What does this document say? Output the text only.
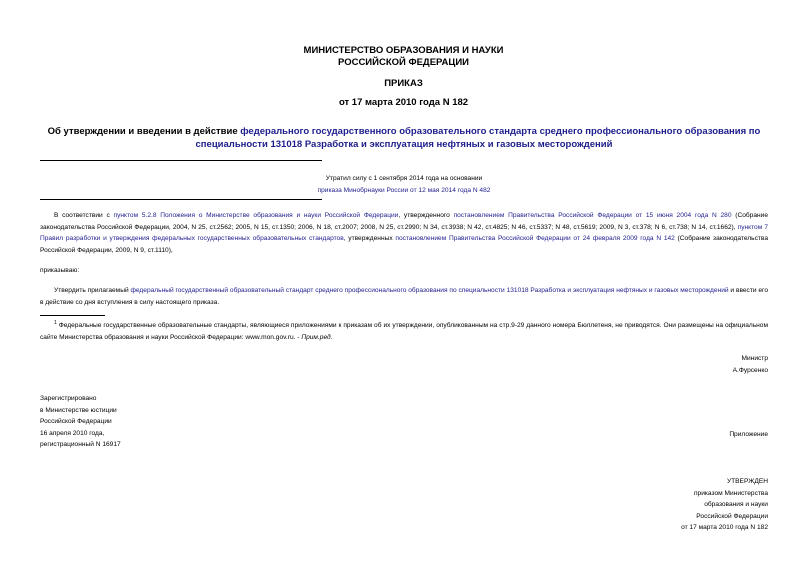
МИНИСТЕРСТВО ОБРАЗОВАНИЯ И НАУКИ
РОССИЙСКОЙ ФЕДЕРАЦИИ
ПРИКАЗ
от 17 марта 2010 года N 182
Об утверждении и введении в действие федерального государственного образовательного стандарта среднего профессионального образования по специальности 131018 Разработка и эксплуатация нефтяных и газовых месторождений
Утратил силу с 1 сентября 2014 года на основании
приказа Минобрнауки России от 12 мая 2014 года N 482
В соответствии с пунктом 5.2.8 Положения о Министерстве образования и науки Российской Федерации, утвержденного постановлением Правительства Российской Федерации от 15 июня 2004 года N 280 (Собрание законодательства Российской Федерации, 2004, N 25, ст.2562; 2005, N 15, ст.1350; 2006, N 18, ст.2007; 2008, N 25, ст.2990; N 34, ст.3938; N 42, ст.4825; N 46, ст.5337; N 48, ст.5619; 2009, N 3, ст.378; N 6, ст.738; N 14, ст.1662), пунктом 7 Правил разработки и утверждения федеральных государственных образовательных стандартов, утвержденных постановлением Правительства Российской Федерации от 24 февраля 2009 года N 142 (Собрание законодательства Российской Федерации, 2009, N 9, ст.1110),
приказываю:
Утвердить прилагаемый федеральный государственный образовательный стандарт среднего профессионального образования по специальности 131018 Разработка и эксплуатация нефтяных и газовых месторождений и ввести его в действие со дня вступления в силу настоящего приказа.
$^1$ Федеральные государственные образовательные стандарты, являющиеся приложениями к приказам об их утверждении, опубликованным на стр.9-29 данного номера Бюллетеня, не приводятся. Они размещены на официальном сайте Министерства образования и науки Российской Федерации: www.mon.gov.ru. - Прим.ред.
Министр
А.Фурсенко
Зарегистрировано
в Министерстве юстиции
Российской Федерации
16 апреля 2010 года,
регистрационный N 16917
Приложение
УТВЕРЖДЕН
приказом Министерства
образования и науки
Российской Федерации
от 17 марта 2010 года N 182
